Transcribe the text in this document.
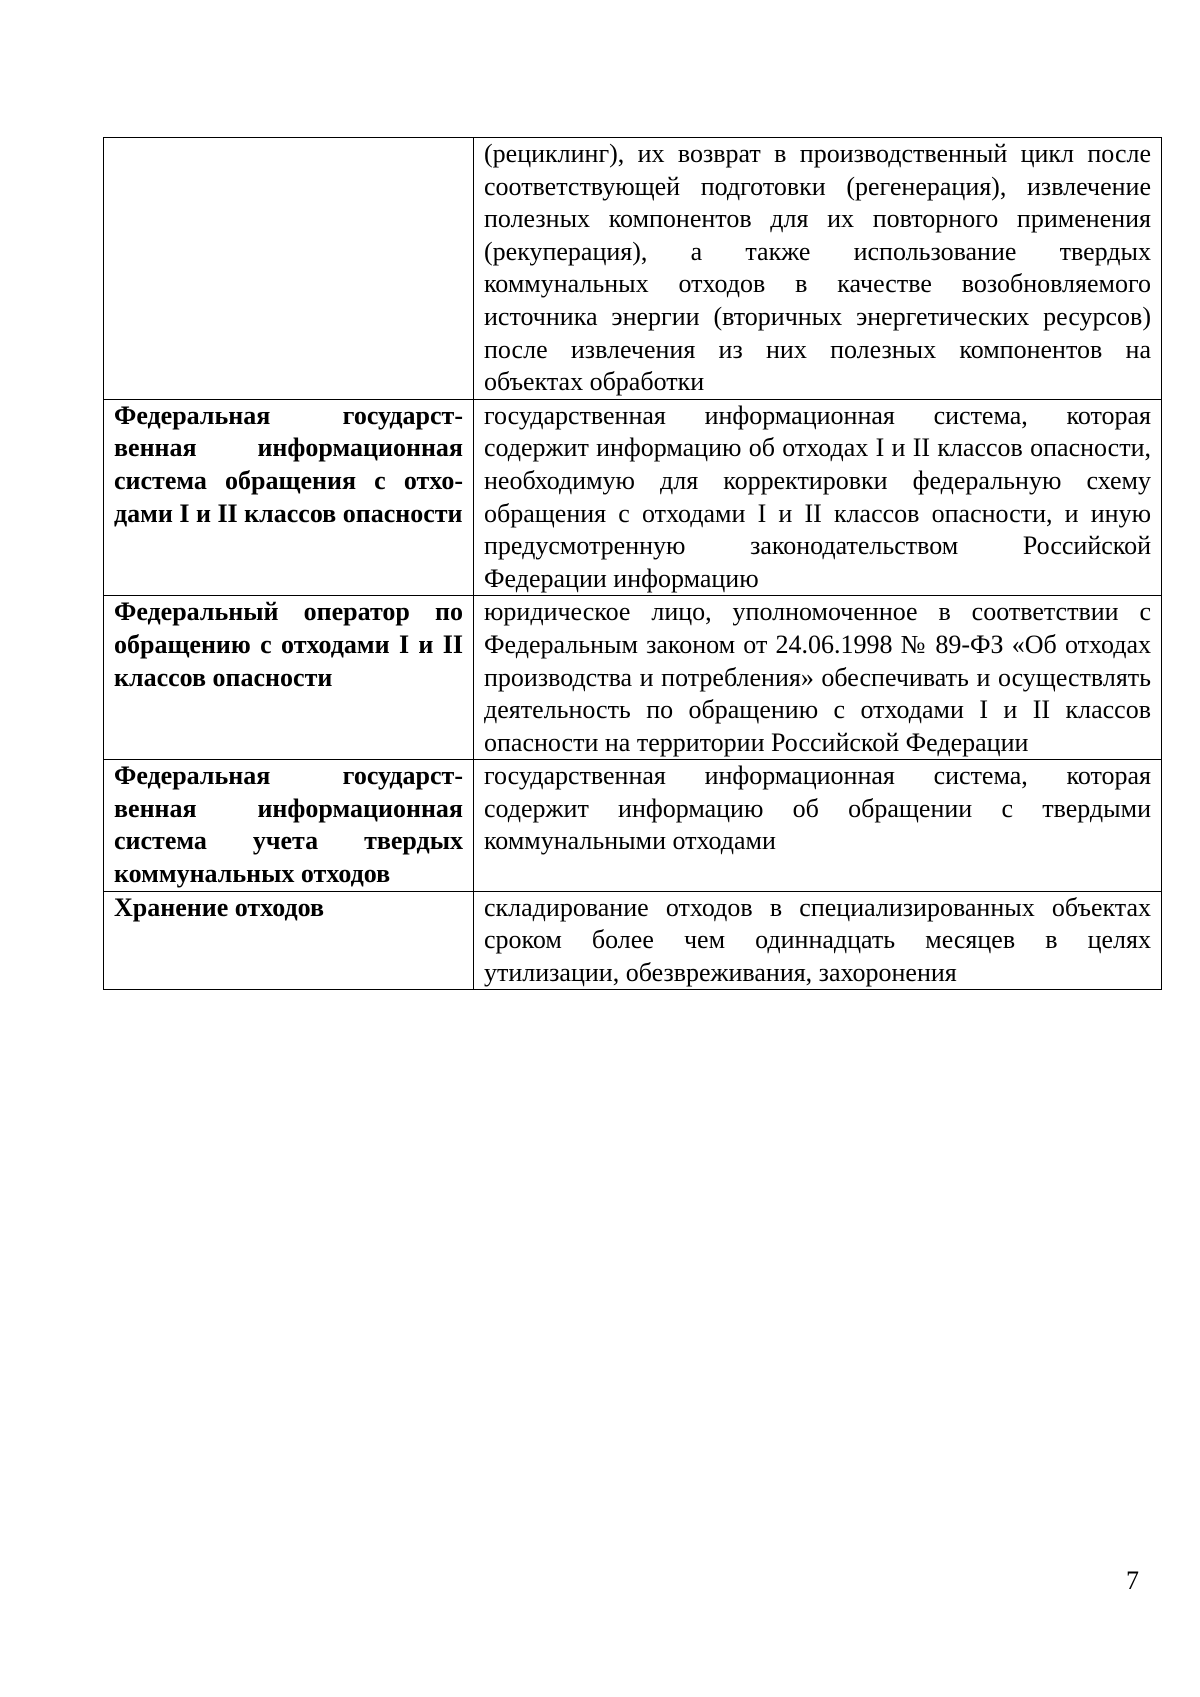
	(рециклинг), их возврат в производственный цикл после соответствующей подготовки (регенерация), извлечение полезных компонентов для их повторного применения (рекуперация), а также использование твердых коммунальных отходов в качестве возобновляемого источника энергии (вторичных энергетических ресурсов) после извлечения из них полезных компонентов на объектах обработки
Федеральная государственная информационная система обращения с отходами I и II классов опасности	государственная информационная система, которая содержит информацию об отходах I и II классов опасности, необходимую для корректировки федеральную схему обращения с отходами I и II классов опасности, и иную предусмотренную законодательством Российской Федерации информацию
Федеральный оператор по обращению с отходами I и II классов опасности	юридическое лицо, уполномоченное в соответствии с Федеральным законом от 24.06.1998 № 89-ФЗ «Об отходах производства и потребления» обеспечивать и осуществлять деятельность по обращению с отходами I и II классов опасности на территории Российской Федерации
Федеральная государственная информационная система учета твердых коммунальных отходов	государственная информационная система, которая содержит информацию об обращении с твердыми коммунальными отходами
Хранение отходов	складирование отходов в специализированных объектах сроком более чем одиннадцать месяцев в целях утилизации, обезвреживания, захоронения
7
